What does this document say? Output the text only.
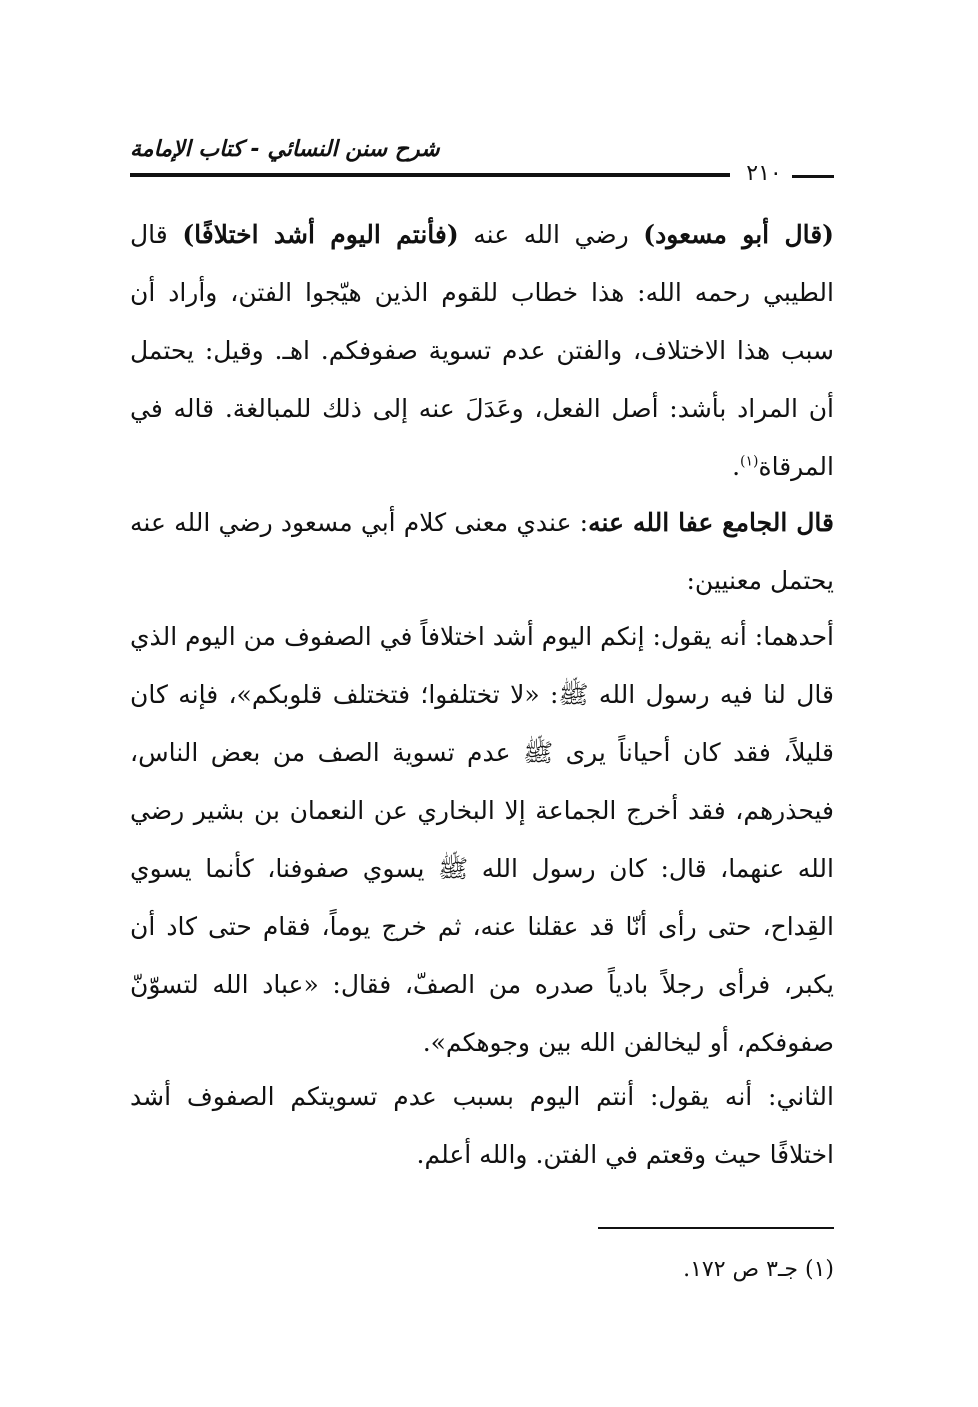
شرح سنن النسائي - كتاب الإمامة
٢١٠

(قال أبو مسعود) رضي الله عنه (فأنتم اليوم أشد اختلافًا) قال الطيبي رحمه الله: هذا خطاب للقوم الذين هيّجوا الفتن، وأراد أن سبب هذا الاختلاف، والفتن عدم تسوية صفوفكم. اهـ. وقيل: يحتمل أن المراد بأشد: أصل الفعل، وعَدَلَ عنه إلى ذلك للمبالغة. قاله في المرقاة$^{(١)}$.

قال الجامع عفا الله عنه: عندي معنى كلام أبي مسعود رضي الله عنه يحتمل معنيين:

أحدهما: أنه يقول: إنكم اليوم أشد اختلافاً في الصفوف من اليوم الذي قال لنا فيه رسول الله ﷺ: «لا تختلفوا؛ فتختلف قلوبكم»، فإنه كان قليلاً، فقد كان أحياناً يرى ﷺ عدم تسوية الصف من بعض الناس، فيحذرهم، فقد أخرج الجماعة إلا البخاري عن النعمان بن بشير رضي الله عنهما، قال: كان رسول الله ﷺ يسوي صفوفنا، كأنما يسوي القِداح، حتى رأى أنّا قد عقلنا عنه، ثم خرج يوماً، فقام حتى كاد أن يكبر، فرأى رجلاً بادياً صدره من الصفّ، فقال: «عباد الله لتسوّنّ صفوفكم، أو ليخالفن الله بين وجوهكم».

الثاني: أنه يقول: أنتم اليوم بسبب عدم تسويتكم الصفوف أشد اختلافًا حيث وقعتم في الفتن. والله أعلم.

(١) جـ٣ ص ١٧٢.
